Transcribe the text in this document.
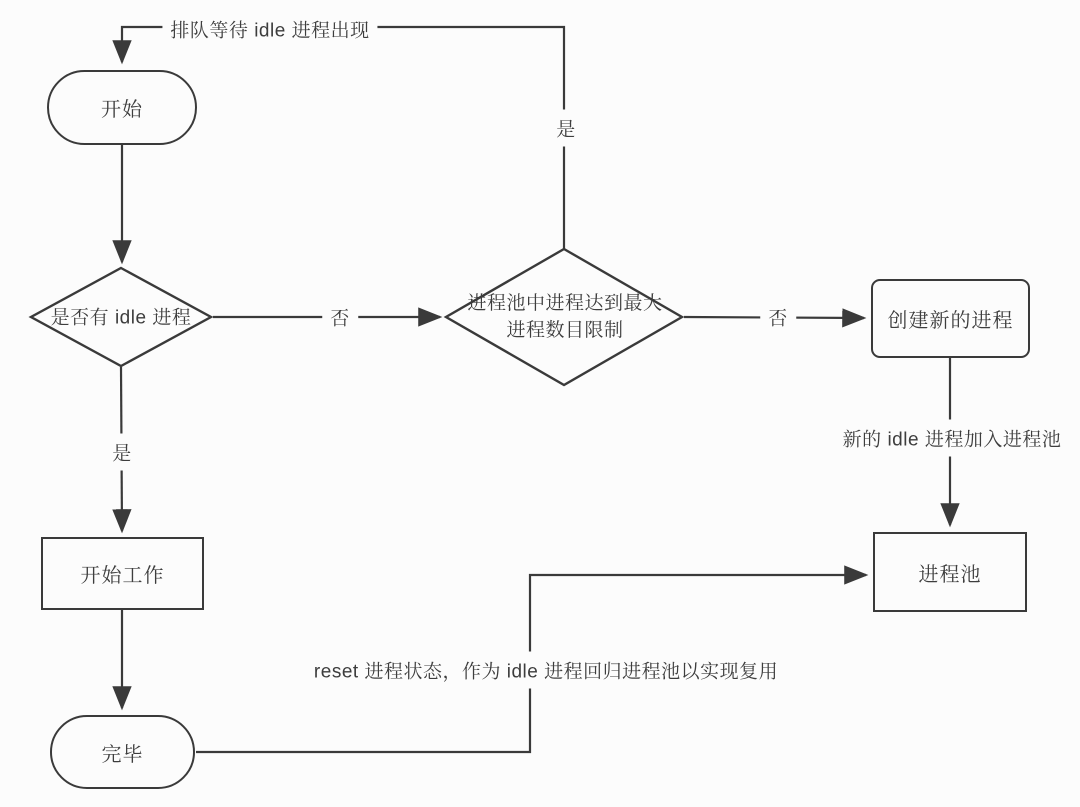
开始
创建新的进程
进程池
开始工作
完毕
是否有 idle 进程
进程池中进程达到最大
进程数目限制
排队等待 idle 进程出现
是
否
是
否
新的 idle 进程加入进程池
reset 进程状态，作为 idle 进程回归进程池以实现复用
